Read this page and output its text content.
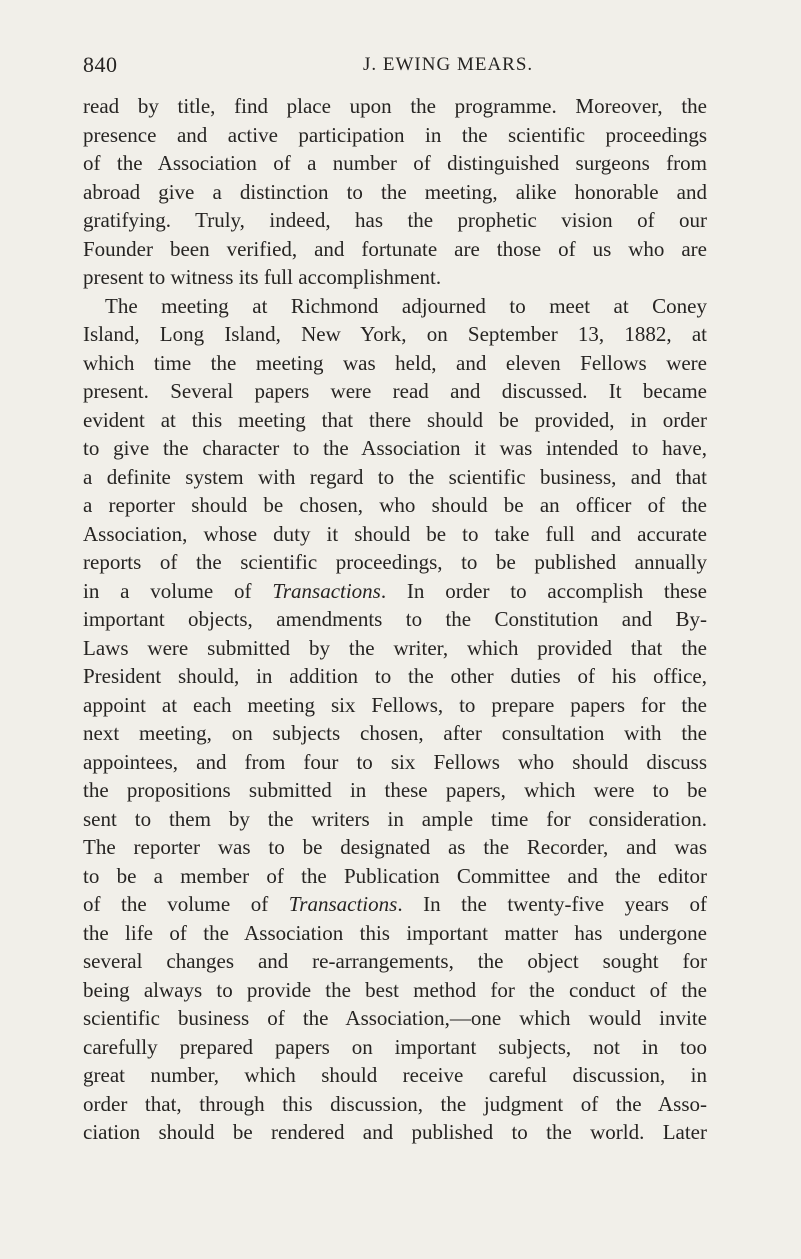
840	J. EWING MEARS.
read by title, find place upon the programme. Moreover, the
presence and active participation in the scientific proceedings
of the Association of a number of distinguished surgeons from
abroad give a distinction to the meeting, alike honorable and
gratifying. Truly, indeed, has the prophetic vision of our
Founder been verified, and fortunate are those of us who are
present to witness its full accomplishment.
The meeting at Richmond adjourned to meet at Coney
Island, Long Island, New York, on September 13, 1882, at
which time the meeting was held, and eleven Fellows were
present. Several papers were read and discussed. It became
evident at this meeting that there should be provided, in order
to give the character to the Association it was intended to have,
a definite system with regard to the scientific business, and that
a reporter should be chosen, who should be an officer of the
Association, whose duty it should be to take full and accurate
reports of the scientific proceedings, to be published annually
in a volume of Transactions. In order to accomplish these
important objects, amendments to the Constitution and By-
Laws were submitted by the writer, which provided that the
President should, in addition to the other duties of his office,
appoint at each meeting six Fellows, to prepare papers for the
next meeting, on subjects chosen, after consultation with the
appointees, and from four to six Fellows who should discuss
the propositions submitted in these papers, which were to be
sent to them by the writers in ample time for consideration.
The reporter was to be designated as the Recorder, and was
to be a member of the Publication Committee and the editor
of the volume of Transactions. In the twenty-five years of
the life of the Association this important matter has undergone
several changes and re-arrangements, the object sought for
being always to provide the best method for the conduct of the
scientific business of the Association,—one which would invite
carefully prepared papers on important subjects, not in too
great number, which should receive careful discussion, in
order that, through this discussion, the judgment of the Asso-
ciation should be rendered and published to the world. Later
